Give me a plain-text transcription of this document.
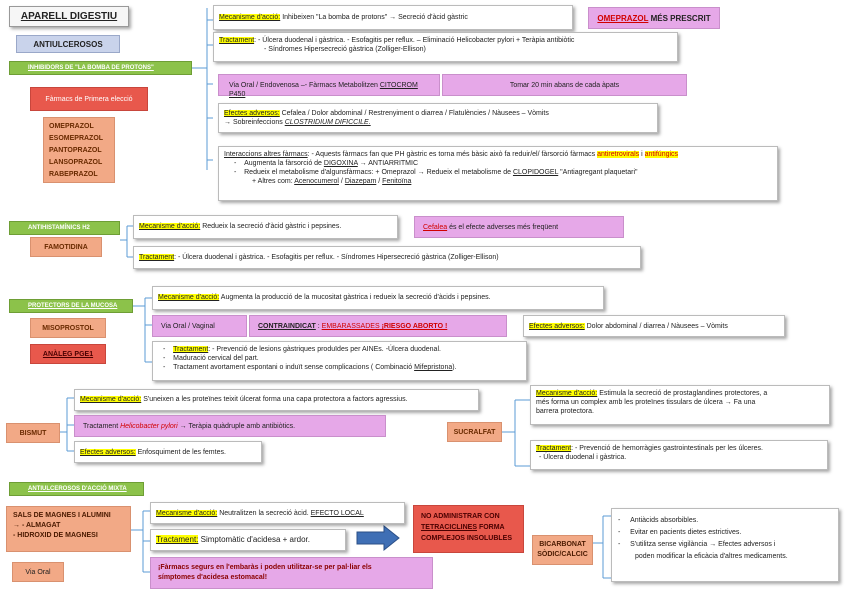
APARELL DIGESTIU
ANTIULCEROSOS
INHIBIDORS DE "LA BOMBA DE PROTONS"
Fàrmacs de Primera elecció
OMEPRAZOL
ESOMEPRAZOL
PANTOPRAZOL
LANSOPRAZOL
RABEPRAZOL
Mecanisme d'acció: Inhibeixen "La bomba de protons" → Secreció d'àcid gàstric	OMEPRAZOL MÉS PRESCRIT
Tractament: - Úlcera duodenal i gàstrica. - Esofagitis per reflux. – Eliminació Helicobacter pylori + Teràpia antibiòtic
- Síndromes Hipersecreció gàstrica (Zolliger-Ellison)
Via Oral / Endovenosa –- Fàrmacs Metabolitzen CITOCROM P450
Tomar 20 min abans de cada àpats
Efectes adversos: Cefalea / Dolor abdominal / Restrenyiment o diarrea / Flatulències / Nàusees – Vòmits
→ Sobreinfeccions CLOSTRIDIUM DIFICCILE.
Interaccions altres fàrmacs: - Aquests fàrmacs fan que PH gàstric es torna més bàsic això fa reduir/el/ fàrsorció fàrmacs antiretrovirals i antifúngics
-    Augmenta la fàrsorció de DIGOXINA → ANTIARRITMIC
-    Redueix el metabolisme d'algunsfàrmacs: + Omeprazol → Redueix el metabolisme de CLOPIDOGEL "Antiagregant plaquetari"
+ Altres com: Acenocumerol / Diazepam / Fenitoïna
ANTIHISTAMÍNICS H2
FAMOTIDINA
Mecanisme d'acció: Redueix la secreció d'àcid gàstric i pepsines.	Cefalea és el efecte adverses més freqüent
Tractament: - Úlcera duodenal i gàstrica. - Esofagitis per reflux. - Síndromes Hipersecreció gàstrica (Zolliger-Ellison)
PROTECTORS DE LA MUCOSA
MISOPROSTOL
ANÀLEG PGE1
Mecanisme d'acció: Augmenta la producció de la mucositat gàstrica i redueix la secreció d'àcids i pepsines.
Via Oral / Vaginal	CONTRAINDICAT : EMBARASSADES ¡RIESGO ABORTO !	Efectes adversos: Dolor abdominal / diarrea / Nàusees – Vòmits
-    Tractament: - Prevenció de lesions gàstriques produïdes per AINEs. -Úlcera duodenal.
-    Maduració cervical del part.
-    Tractament avortament espontani o induït sense complicacions ( Combinació Mifepristona).
BISMUT
Mecanisme d'acció: S'uneixen a les proteïnes teixit úlcerat forma una capa protectora a factors agressius.
Tractament Helicobacter pylori → Teràpia quàdruple amb antibiòtics.
Efectes adversos: Enfosquiment de les femtes.
SUCRALFAT
Mecanisme d'acció: Estimula la secreció de prostaglandines protectores, a
més forma un complex amb les proteïnes tissulars de úlcera → Fa una
barrera protectora.
Tractament: - Prevenció de hemorràgies gastrointestinals per les úlceres.
- Úlcera duodenal i gàstrica.
ANTIULCEROSOS D'ACCIÓ MIXTA
SALS DE MAGNES I ALUMINI
→ - ALMAGAT
- HIDROXID DE MAGNESI
Via Oral
Mecanisme d'acció: Neutralitzen la secreció àcid. EFECTO LOCAL
Tractament: Simptomàtic d'acidesa + ardor.
NO ADMINISTRAR CON
TETRACICLINES FORMA
COMPLEJOS INSOLUBLES
¡Fàrmacs segurs en l'embaràs i poden utilitzar-se per pal·liar els
símptomes d'acidesa estomacal!
BICARBONAT
SÒDIC/CALCIC
-     Antiàcids absorbibles.
-     Evitar en pacients dietes estrictives.
-     S'utilitza sense vigilància → Efectes adversos i
poden modificar la eficàcia d'altres medicaments.
